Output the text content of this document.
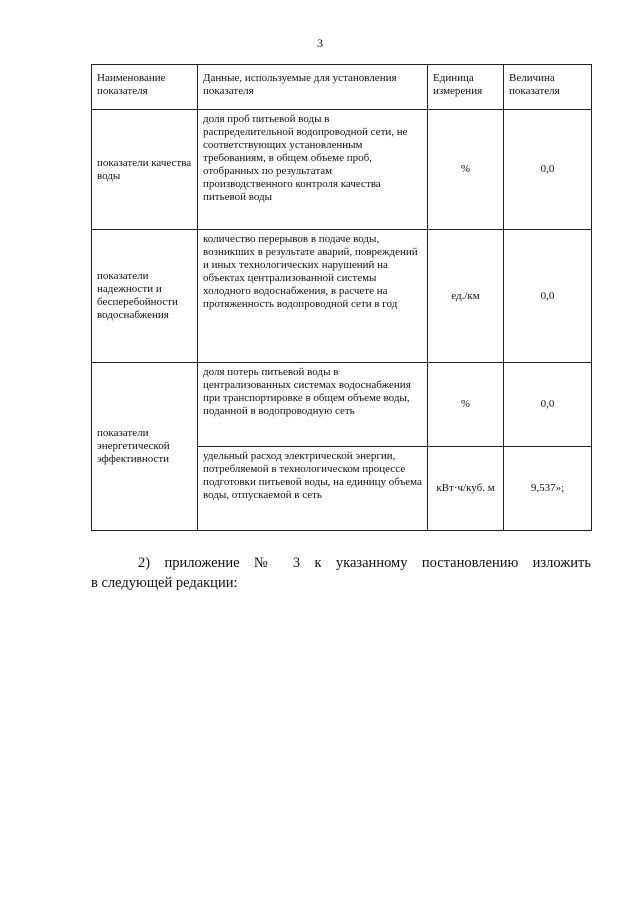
3
Наименование показателя	Данные, используемые для установления показателя	Единица измерения	Величина показателя
показатели качества воды	доля проб питьевой воды в распределительной водопроводной сети, не соответствующих установленным требованиям, в общем объеме проб, отобранных по результатам производственного контроля качества питьевой воды	%	0,0
показатели надежности и бесперебойности водоснабжения	количество перерывов в подаче воды, возникших в результате аварий, повреждений и иных технологических нарушений на объектах централизованной системы холодного водоснабжения, в расчете на протяженность водопроводной сети в год	ед./км	0,0
показатели энергетической эффективности	доля потерь питьевой воды в централизованных системах водоснабжения при транспортировке в общем объеме воды, поданной в водопроводную сеть	%	0,0
	удельный расход электрической энергии, потребляемой в технологическом процессе подготовки питьевой воды, на единицу объема воды, отпускаемой в сеть	кВт·ч/куб. м	9,537»;
2) приложение № 3 к указанному постановлению изложить
в следующей редакции:
